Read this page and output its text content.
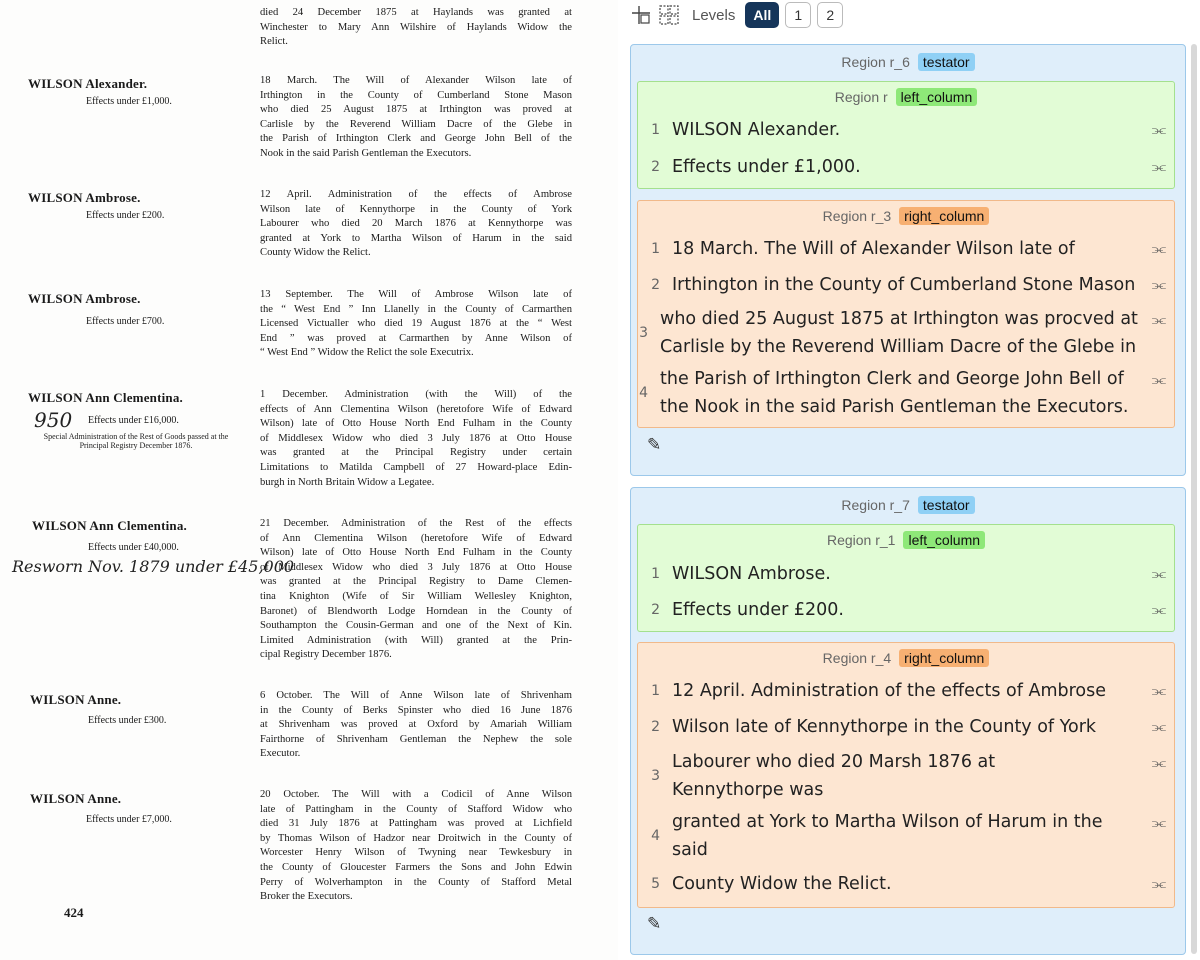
died 24 December 1875 at Haylands was granted at
Winchester to Mary Ann Wilshire of Haylands Widow the
Relict.
WILSON Alexander.
Effects under £1,000.
18 March. The Will of Alexander Wilson late of
Irthington in the County of Cumberland Stone Mason
who died 25 August 1875 at Irthington was proved at
Carlisle by the Reverend William Dacre of the Glebe in
the Parish of Irthington Clerk and George John Bell of the
Nook in the said Parish Gentleman the Executors.
WILSON Ambrose.
Effects under £200.
12 April. Administration of the effects of Ambrose
Wilson late of Kennythorpe in the County of York
Labourer who died 20 March 1876 at Kennythorpe was
granted at York to Martha Wilson of Harum in the said
County Widow the Relict.
WILSON Ambrose.
Effects under £700.
13 September. The Will of Ambrose Wilson late of
the “ West End ” Inn Llanelly in the County of Carmarthen
Licensed Victualler who died 19 August 1876 at the “ West
End ” was proved at Carmarthen by Anne Wilson of
“ West End ” Widow the Relict the sole Executrix.
WILSON Ann Clementina.
950 Effects under £16,000.
Special Administration of the Rest of Goods passed at the Principal Registry December 1876.
1 December. Administration (with the Will) of the
effects of Ann Clementina Wilson (heretofore Wife of Edward
Wilson) late of Otto House North End Fulham in the County
of Middlesex Widow who died 3 July 1876 at Otto House
was granted at the Principal Registry under certain
Limitations to Matilda Campbell of 27 Howard-place Edin-
burgh in North Britain Widow a Legatee.
WILSON Ann Clementina.
Effects under £40,000.
Resworn Nov. 1879 under £45,000
21 December. Administration of the Rest of the effects
of Ann Clementina Wilson (heretofore Wife of Edward
Wilson) late of Otto House North End Fulham in the County
of Middlesex Widow who died 3 July 1876 at Otto House
was granted at the Principal Registry to Dame Clemen-
tina Knighton (Wife of Sir William Wellesley Knighton,
Baronet) of Blendworth Lodge Horndean in the County of
Southampton the Cousin-German and one of the Next of Kin.
Limited Administration (with Will) granted at the Prin-
cipal Registry December 1876.
WILSON Anne.
Effects under £300.
6 October. The Will of Anne Wilson late of Shrivenham
in the County of Berks Spinster who died 16 June 1876
at Shrivenham was proved at Oxford by Amariah William
Fairthorne of Shrivenham Gentleman the Nephew the sole
Executor.
WILSON Anne.
Effects under £7,000.
20 October. The Will with a Codicil of Anne Wilson
late of Pattingham in the County of Stafford Widow who
died 31 July 1876 at Pattingham was proved at Lichfield
by Thomas Wilson of Hadzor near Droitwich in the County of
Worcester Henry Wilson of Twyning near Tewkesbury in
the County of Gloucester Farmers the Sons and John Edwin
Perry of Wolverhampton in the County of Stafford Metal
Broker the Executors.
424
Levels	All	1	2
Region r_6 testator
Region r left_column
1 WILSON Alexander.	⫘
2 Effects under £1,000.	⫘
Region r_3 right_column
1 18 March. The Will of Alexander Wilson late of	⫘
2 Irthington in the County of Cumberland Stone Mason	⫘
3
who died 25 August 1875 at Irthington was procved at Carlisle by the Reverend William Dacre of the Glebe in
⫘
4
the Parish of Irthington Clerk and George John Bell of the Nook in the said Parish Gentleman the Executors.
⫘
✎
Region r_7 testator
Region r_1 left_column
1 WILSON Ambrose.	⫘
2 Effects under £200.	⫘
Region r_4 right_column
1 12 April. Administration of the effects of Ambrose	⫘
2 Wilson late of Kennythorpe in the County of York	⫘
3
Labourer who died 20 Marsh 1876 at Kennythorpe was
⫘
4
granted at York to Martha Wilson of Harum in the said
⫘
5 County Widow the Relict.	⫘
✎
